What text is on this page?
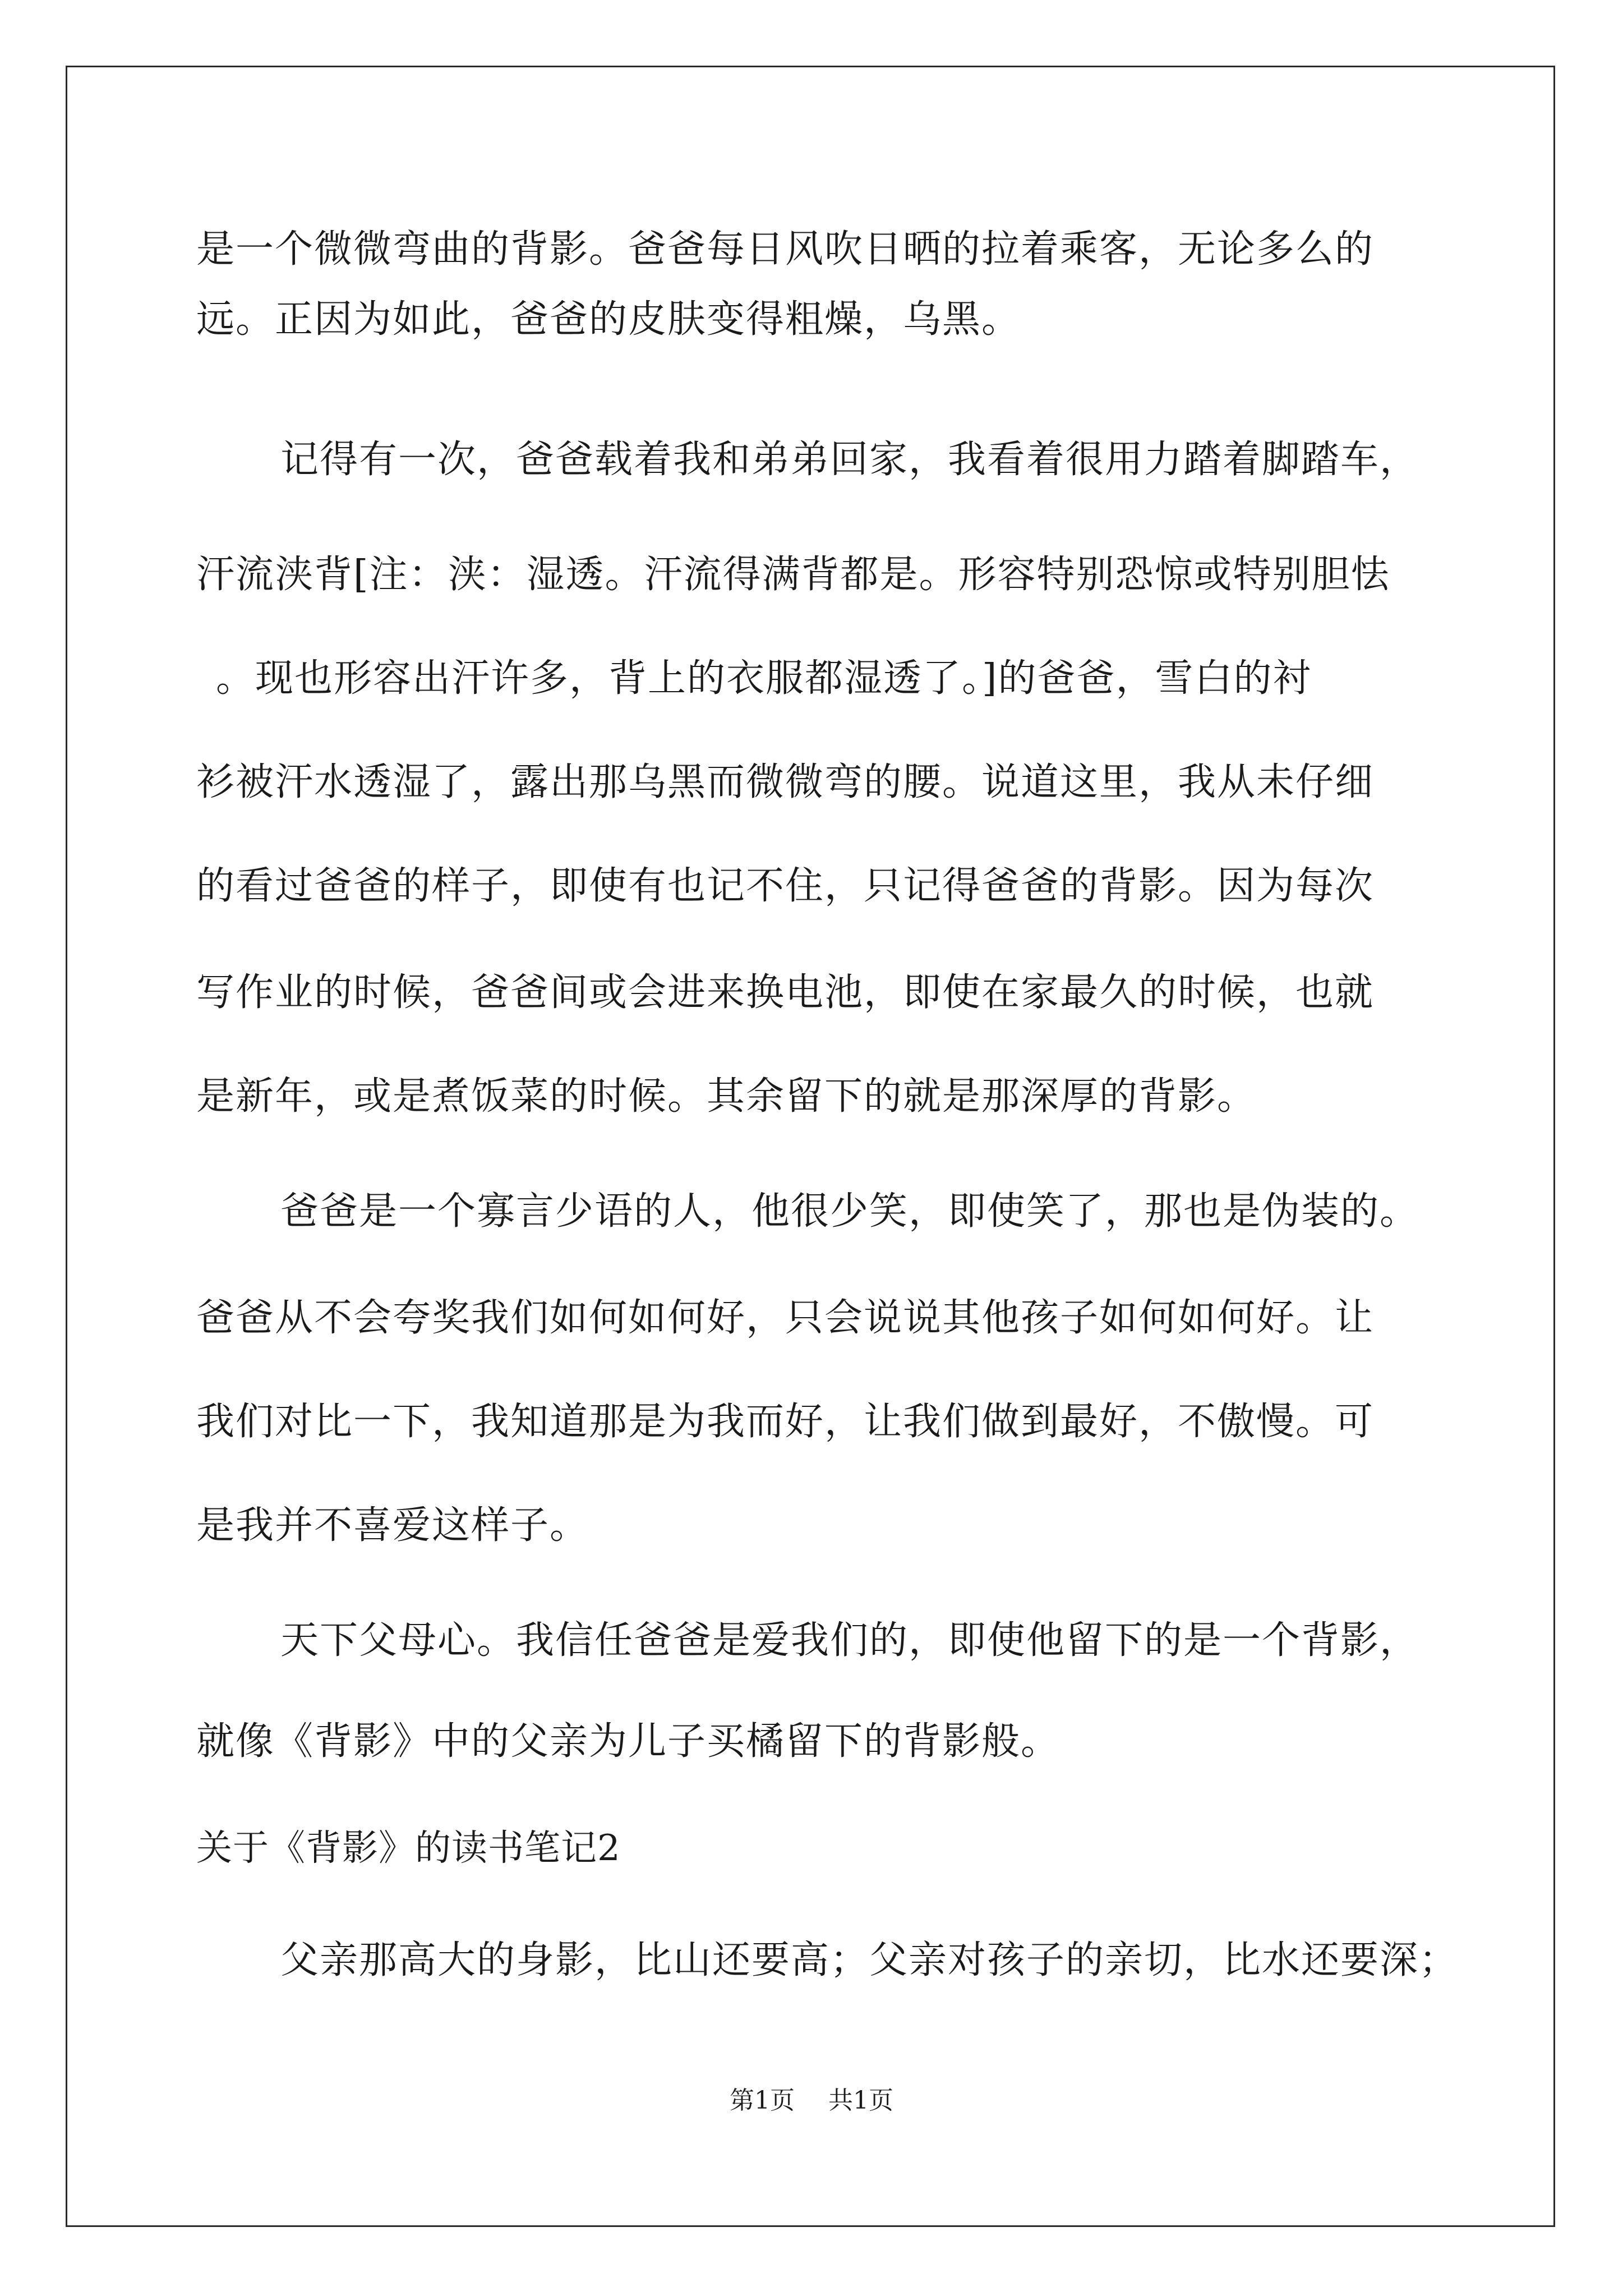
是一个微微弯曲的背影。爸爸每日风吹日晒的拉着乘客，无论多么的
远。正因为如此，爸爸的皮肤变得粗燥，乌黑。
记得有一次，爸爸载着我和弟弟回家，我看着很用力踏着脚踏车，
汗流浃背[注：浃：湿透。汗流得满背都是。形容特别恐惊或特别胆怯
。现也形容出汗许多，背上的衣服都湿透了。]的爸爸，雪白的衬
衫被汗水透湿了，露出那乌黑而微微弯的腰。说道这里，我从未仔细
的看过爸爸的样子，即使有也记不住，只记得爸爸的背影。因为每次
写作业的时候，爸爸间或会进来换电池，即使在家最久的时候，也就
是新年，或是煮饭菜的时候。其余留下的就是那深厚的背影。
爸爸是一个寡言少语的人，他很少笑，即使笑了，那也是伪装的。
爸爸从不会夸奖我们如何如何好，只会说说其他孩子如何如何好。让
我们对比一下，我知道那是为我而好，让我们做到最好，不傲慢。可
是我并不喜爱这样子。
天下父母心。我信任爸爸是爱我们的，即使他留下的是一个背影，
就像《背影》中的父亲为儿子买橘留下的背影般。
关于《背影》的读书笔记2
父亲那高大的身影，比山还要高；父亲对孩子的亲切，比水还要深；
第1页 共1页
